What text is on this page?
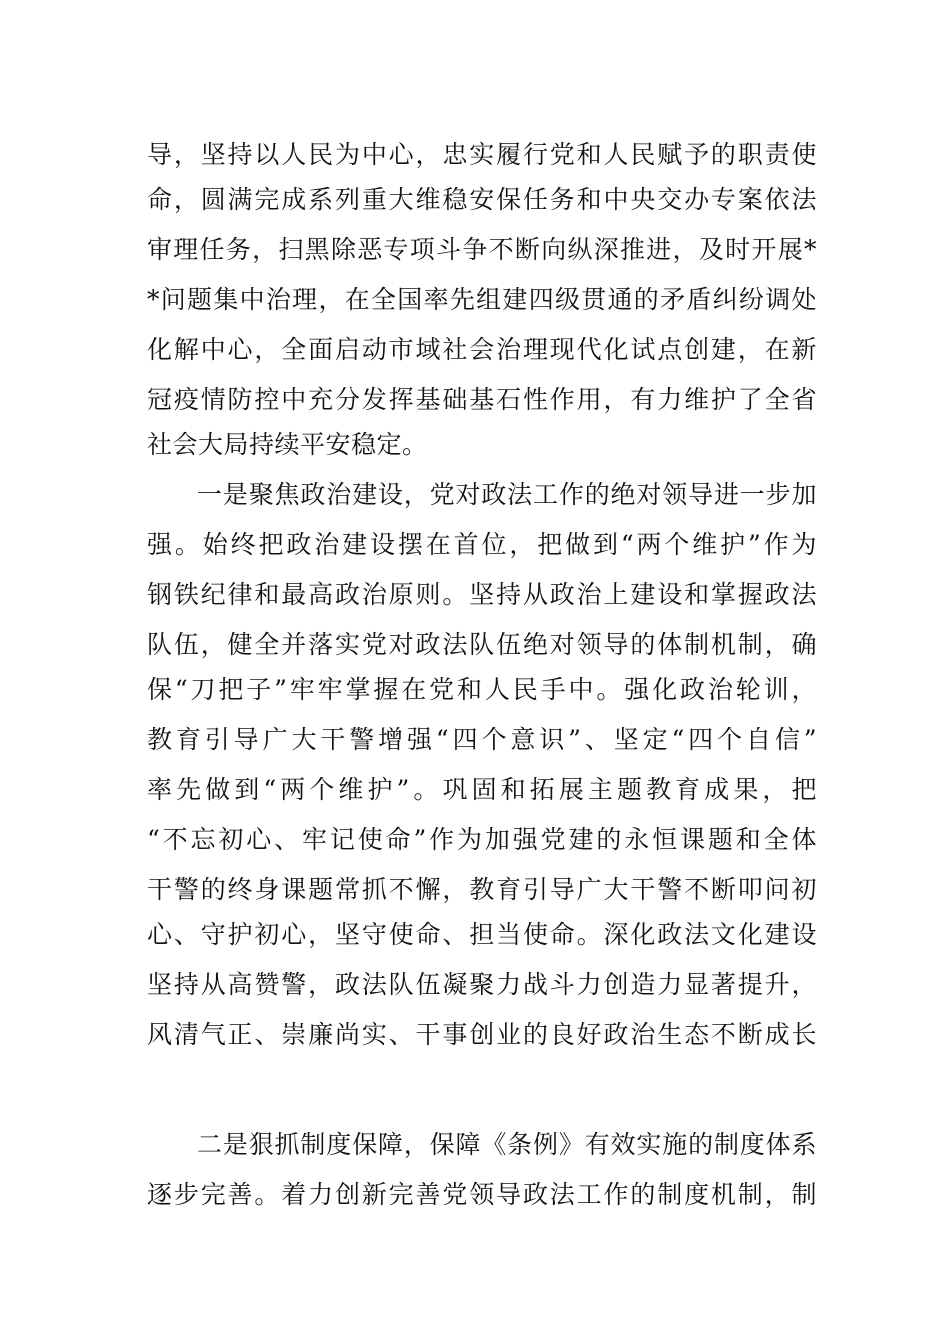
导，坚持以人民为中心，忠实履行党和人民赋予的职责使
命，圆满完成系列重大维稳安保任务和中央交办专案依法
审理任务，扫黑除恶专项斗争不断向纵深推进，及时开展*
*问题集中治理，在全国率先组建四级贯通的矛盾纠纷调处
化解中心，全面启动市域社会治理现代化试点创建，在新
冠疫情防控中充分发挥基础基石性作用，有力维护了全省
社会大局持续平安稳定。
一是聚焦政治建设，党对政法工作的绝对领导进一步加
强。始终把政治建设摆在首位，把做到“两个维护”作为
钢铁纪律和最高政治原则。坚持从政治上建设和掌握政法
队伍，健全并落实党对政法队伍绝对领导的体制机制，确
保“刀把子”牢牢掌握在党和人民手中。强化政治轮训，
教育引导广大干警增强“四个意识”、坚定“四个自信”
率先做到“两个维护”。巩固和拓展主题教育成果，把
“不忘初心、牢记使命”作为加强党建的永恒课题和全体
干警的终身课题常抓不懈，教育引导广大干警不断叩问初
心、守护初心，坚守使命、担当使命。深化政法文化建设
坚持从高赞警，政法队伍凝聚力战斗力创造力显著提升，
风清气正、崇廉尚实、干事创业的良好政治生态不断成长
二是狠抓制度保障，保障《条例》有效实施的制度体系
逐步完善。着力创新完善党领导政法工作的制度机制，制
